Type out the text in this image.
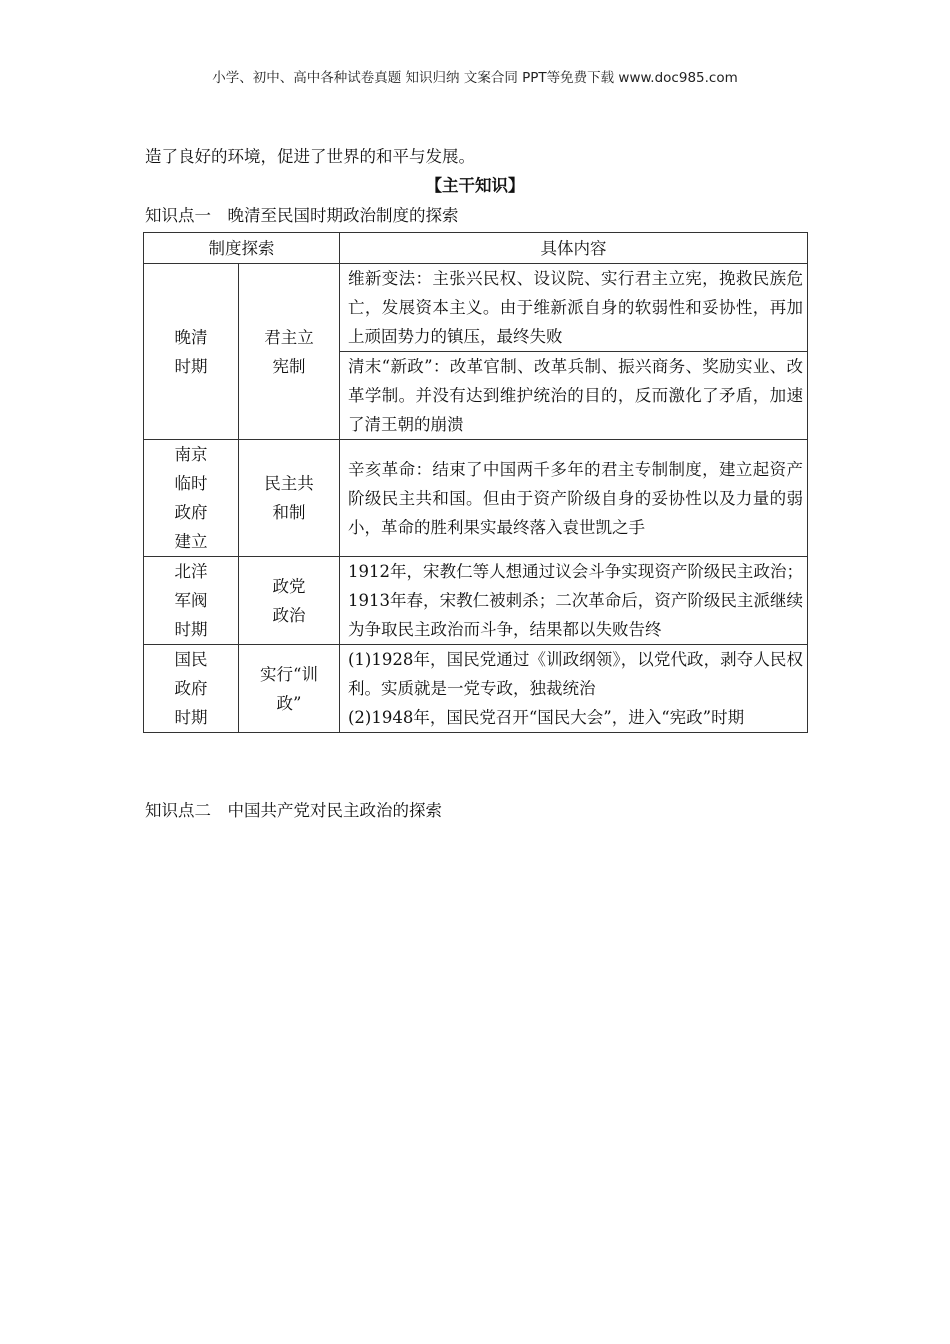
小学、初中、高中各种试卷真题 知识归纳 文案合同 PPT等免费下载 www.doc985.com
造了良好的环境，促进了世界的和平与发展。
【主干知识】
知识点一　晚清至民国时期政治制度的探索
制度探索		具体内容
晚清时期	君主立宪制	维新变法：主张兴民权、设议院、实行君主立宪，挽救民族危亡，发展资本主义。由于维新派自身的软弱性和妥协性，再加上顽固势力的镇压，最终失败
		清末“新政”：改革官制、改革兵制、振兴商务、奖励实业、改革学制。并没有达到维护统治的目的，反而激化了矛盾，加速了清王朝的崩溃
南京临时政府建立	民主共和制	辛亥革命：结束了中国两千多年的君主专制制度，建立起资产阶级民主共和国。但由于资产阶级自身的妥协性以及力量的弱小，革命的胜利果实最终落入袁世凯之手
北洋军阀时期	政党政治	1912年，宋教仁等人想通过议会斗争实现资产阶级民主政治；1913年春，宋教仁被刺杀；二次革命后，资产阶级民主派继续为争取民主政治而斗争，结果都以失败告终
国民政府时期	实行“训政”	(1)1928年，国民党通过《训政纲领》，以党代政，剥夺人民权利。实质就是一党专政，独裁统治
(2)1948年，国民党召开“国民大会”，进入“宪政”时期
知识点二　中国共产党对民主政治的探索
